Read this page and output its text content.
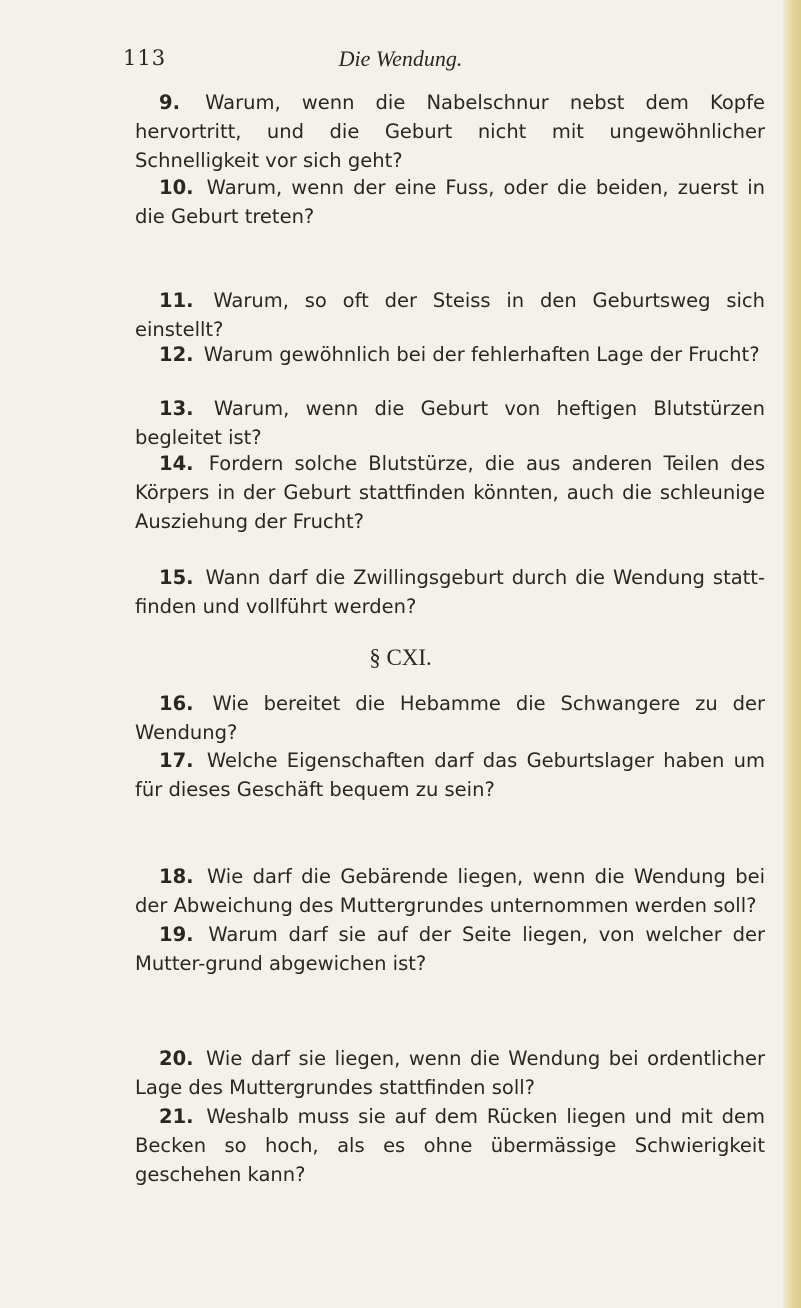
113	Die Wendung.

9. Warum, wenn die Nabelschnur nebst dem Kopfe hervortritt, und die Geburt nicht mit ungewöhnlicher Schnelligkeit vor sich geht?

10. Warum, wenn der eine Fuss, oder die beiden, zuerst in die Geburt treten?

11. Warum, so oft der Steiss in den Geburtsweg sich einstellt?

12. Warum gewöhnlich bei der fehlerhaften Lage der Frucht?

13. Warum, wenn die Geburt von heftigen Blutstürzen begleitet ist?

14. Fordern solche Blutstürze, die aus anderen Teilen des Körpers in der Geburt stattfinden könnten, auch die schleunige Ausziehung der Frucht?

15. Wann darf die Zwillingsgeburt durch die Wendung statt-finden und vollführt werden?

§ CXI.

16. Wie bereitet die Hebamme die Schwangere zu der Wendung?

17. Welche Eigenschaften darf das Geburtslager haben um für dieses Geschäft bequem zu sein?

18. Wie darf die Gebärende liegen, wenn die Wendung bei der Abweichung des Muttergrundes unternommen werden soll?

19. Warum darf sie auf der Seite liegen, von welcher der Mutter-grund abgewichen ist?

20. Wie darf sie liegen, wenn die Wendung bei ordentlicher Lage des Muttergrundes stattfinden soll?

21. Weshalb muss sie auf dem Rücken liegen und mit dem Becken so hoch, als es ohne übermässige Schwierigkeit geschehen kann?
